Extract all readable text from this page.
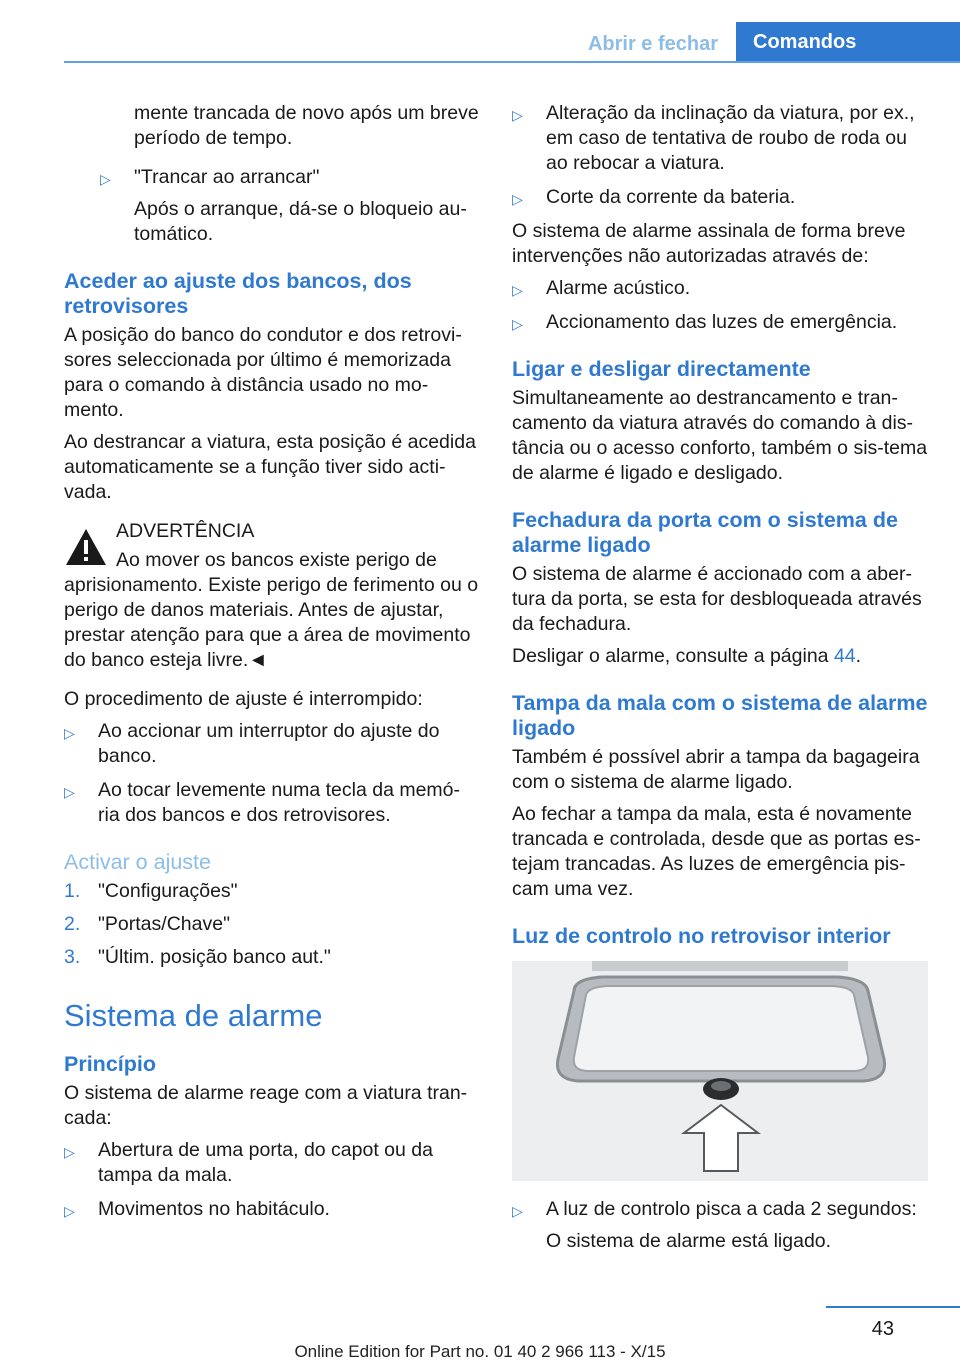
Abrir e fechar	Comandos

mente trancada de novo após um breve período de tempo.

▷ "Trancar ao arrancar"
Após o arranque, dá-se o bloqueio au-tomático.
Aceder ao ajuste dos bancos, dos retrovisores

A posição do banco do condutor e dos retrovi-sores seleccionada por último é memorizada para o comando à distância usado no mo-mento.

Ao destrancar a viatura, esta posição é acedida automaticamente se a função tiver sido acti-vada.

ADVERTÊNCIA

Ao mover os bancos existe perigo de aprisionamento. Existe perigo de ferimento ou o perigo de danos materiais. Antes de ajustar, prestar atenção para que a área de movimento do banco esteja livre.◄

O procedimento de ajuste é interrompido:

▷ Ao accionar um interruptor do ajuste do banco.
▷ Ao tocar levemente numa tecla da memó-ria dos bancos e dos retrovisores.
Activar o ajuste
1. "Configurações"
2. "Portas/Chave"
3. "Últim. posição banco aut."
Sistema de alarme
Princípio

O sistema de alarme reage com a viatura tran-cada:

▷ Abertura de uma porta, do capot ou da tampa da mala.
▷ Movimentos no habitáculo.
▷ Alteração da inclinação da viatura, por ex., em caso de tentativa de roubo de roda ou ao rebocar a viatura.
▷ Corte da corrente da bateria.

O sistema de alarme assinala de forma breve intervenções não autorizadas através de:

▷ Alarme acústico.
▷ Accionamento das luzes de emergência.
Ligar e desligar directamente

Simultaneamente ao destrancamento e tran-camento da viatura através do comando à dis-tância ou o acesso conforto, também o sis-tema de alarme é ligado e desligado.

Fechadura da porta com o sistema de alarme ligado

O sistema de alarme é accionado com a aber-tura da porta, se esta for desbloqueada através da fechadura.

Desligar o alarme, consulte a página 44.

Tampa da mala com o sistema de alarme ligado

Também é possível abrir a tampa da bagageira com o sistema de alarme ligado.

Ao fechar a tampa da mala, esta é novamente trancada e controlada, desde que as portas es-tejam trancadas. As luzes de emergência pis-cam uma vez.

Luz de controlo no retrovisor interior
▷ A luz de controlo pisca a cada 2 segundos:
O sistema de alarme está ligado.
43
Online Edition for Part no. 01 40 2 966 113 - X/15
